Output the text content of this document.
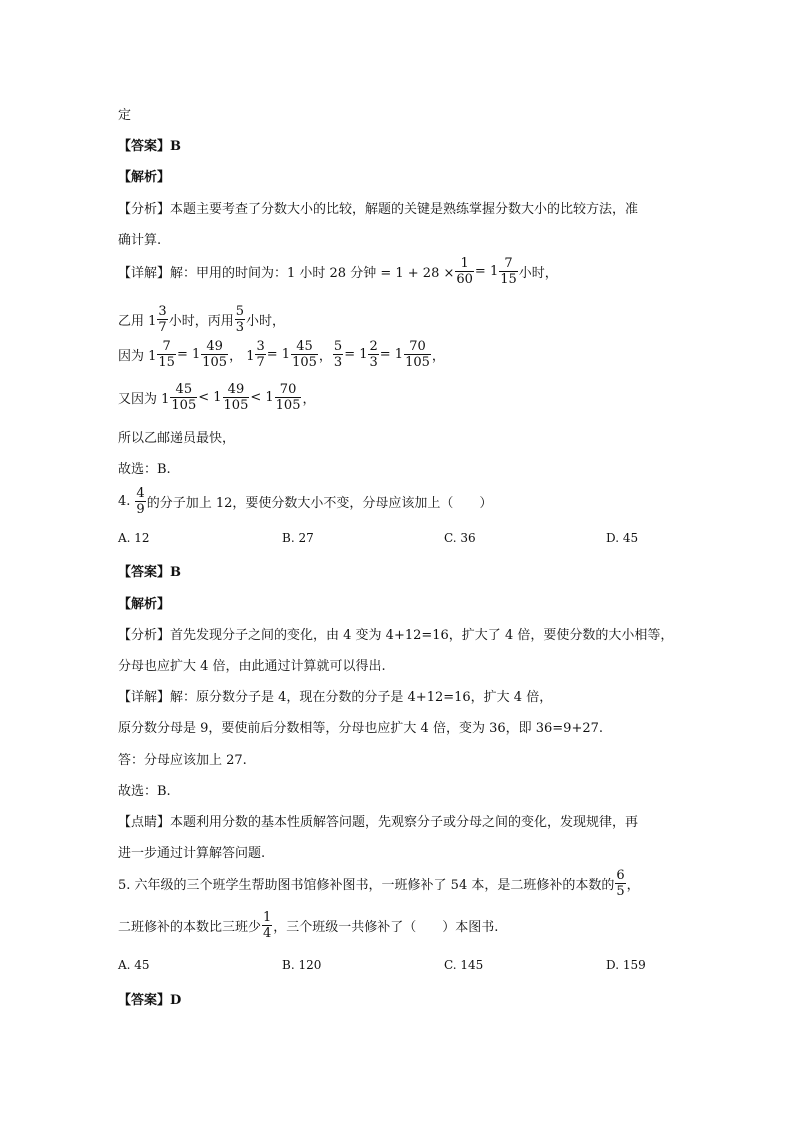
定
【答案】B
【解析】
【分析】本题主要考查了分数大小的比较，解题的关键是熟练掌握分数大小的比较方法，准
确计算.
【详解】解：甲用的时间为：1 小时 28 分钟 = $1 + 28 \times \frac{1}{60} = 1 \frac{7}{15}$ 小时，
乙用 $1 \frac{3}{7}$ 小时，丙用 $\frac{5}{3}$ 小时，
因为 $1 \frac{7}{15} = 1 \frac{49}{105}$ ， $1 \frac{3}{7} = 1 \frac{45}{105}$ ， $\frac{5}{3} = 1 \frac{2}{3} = 1 \frac{70}{105}$ ，
又因为 $1 \frac{45}{105} < 1 \frac{49}{105} < 1 \frac{70}{105}$ ，
所以乙邮递员最快，
故选：B.
4. $\frac{4}{9}$ 的分子加上 12，要使分数大小不变，分母应该加上（　　）
A. 12	B. 27	C. 36	D. 45
【答案】B
【解析】
【分析】首先发现分子之间的变化，由 4 变为 4+12=16，扩大了 4 倍，要使分数的大小相等，
分母也应扩大 4 倍，由此通过计算就可以得出.
【详解】解：原分数分子是 4，现在分数的分子是 4+12=16，扩大 4 倍，
原分数分母是 9，要使前后分数相等，分母也应扩大 4 倍，变为 36，即 36=9+27.
答：分母应该加上 27.
故选：B.
【点睛】本题利用分数的基本性质解答问题，先观察分子或分母之间的变化，发现规律，再
进一步通过计算解答问题.
5. 六年级的三个班学生帮助图书馆修补图书，一班修补了 54 本，是二班修补的本数的 $\frac{6}{5}$ ，
二班修补的本数比三班少 $\frac{1}{4}$ ，三个班级一共修补了（　　）本图书.
A. 45	B. 120	C. 145	D. 159
【答案】D
